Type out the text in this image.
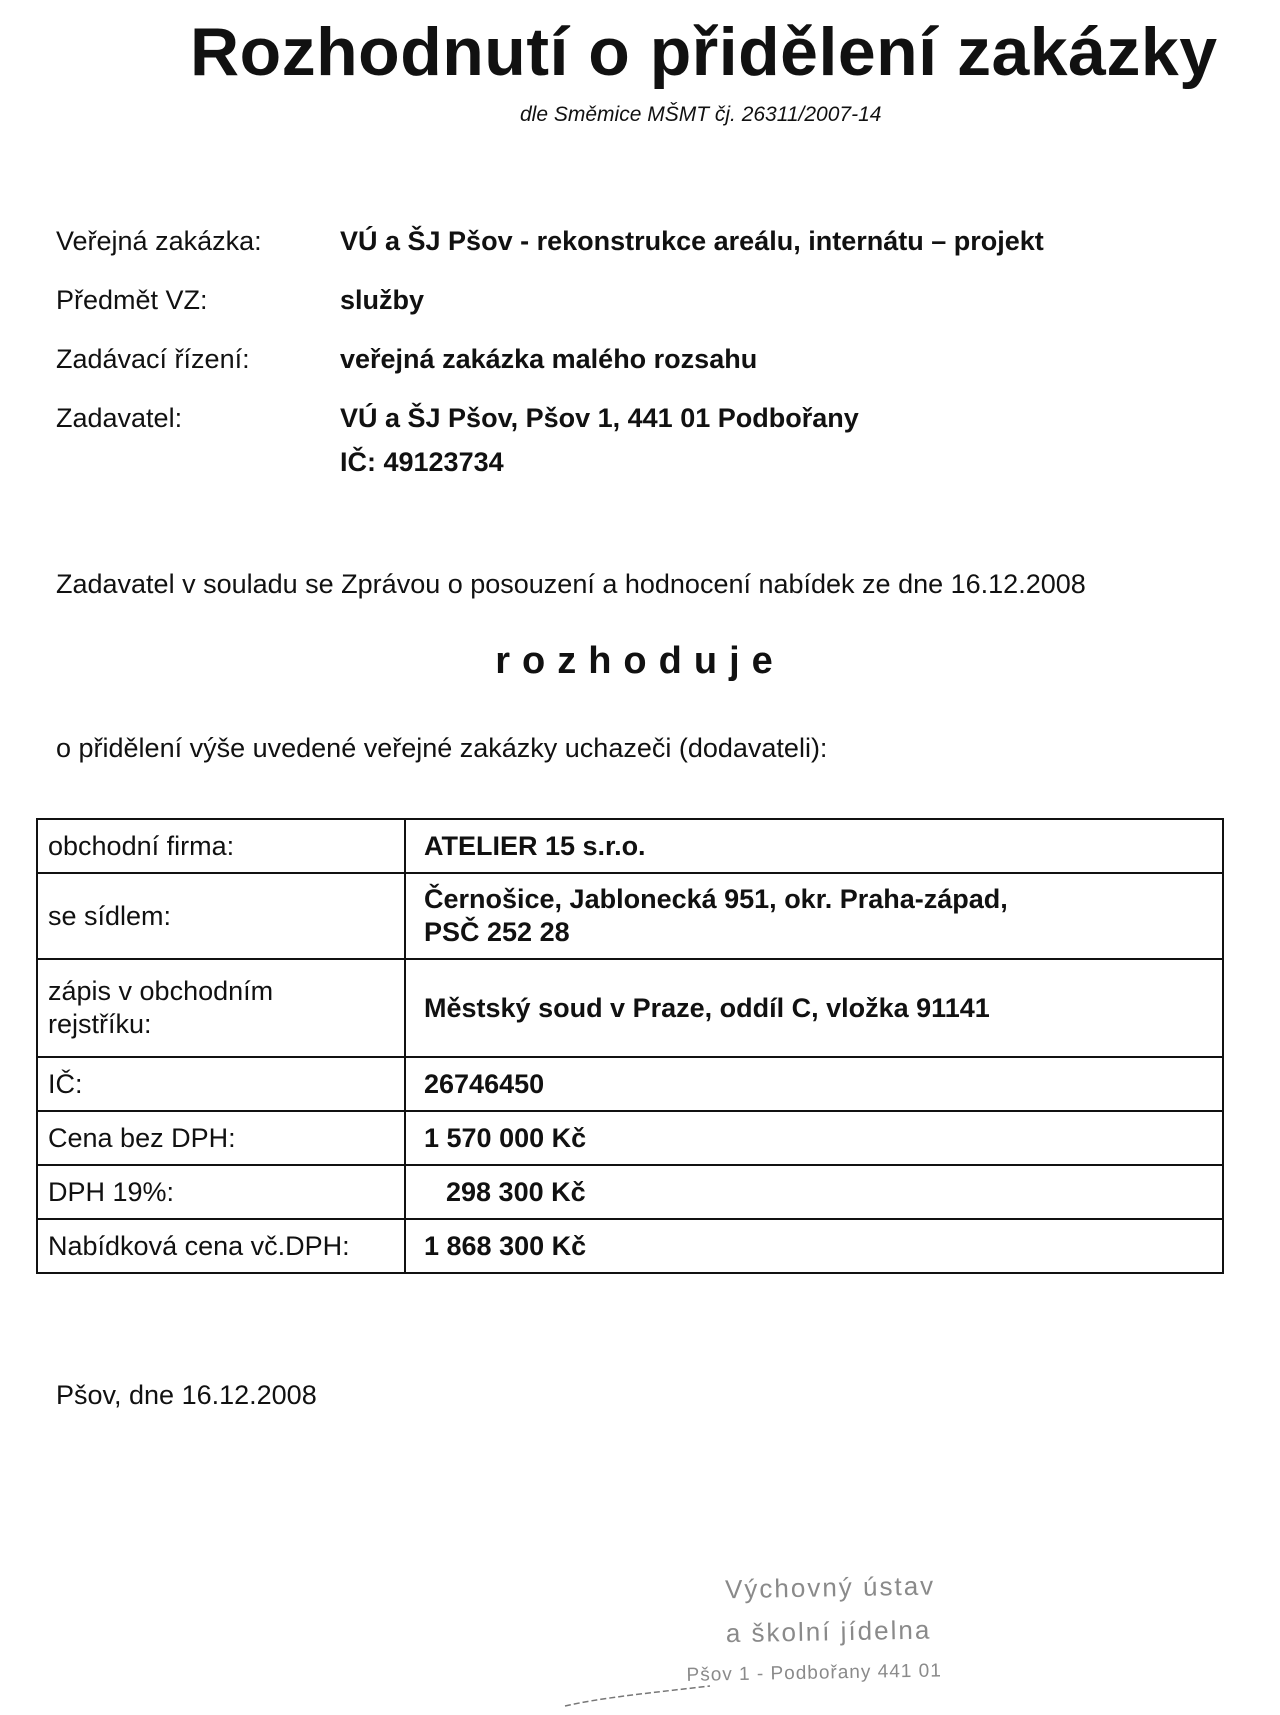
Rozhodnutí o přidělení zakázky
dle Směmice MŠMT čj. 26311/2007-14
Veřejná zakázka:	VÚ a ŠJ Pšov - rekonstrukce areálu, internátu – projekt
Předmět VZ:	služby
Zadávací řízení:	veřejná zakázka malého rozsahu
Zadavatel:	VÚ a ŠJ Pšov, Pšov 1, 441 01 Podbořany
IČ: 49123734
Zadavatel v souladu se Zprávou o posouzení a hodnocení nabídek ze dne 16.12.2008
rozhoduje
o přidělení výše uvedené veřejné zakázky uchazeči (dodavateli):
obchodní firma:	ATELIER 15 s.r.o.
se sídlem:	Černošice, Jablonecká 951, okr. Praha-západ,
PSČ 252 28

zápis v obchodním
rejstříku:	Městský soud v Praze, oddíl C, vložka 91141
IČ:	26746450
Cena bez DPH:	1 570 000 Kč
DPH 19%:	298 300 Kč
Nabídková cena vč.DPH:	1 868 300 Kč
Pšov, dne 16.12.2008
Výchovný ústav
a školní jídelna
Pšov 1 - Podbořany 441 01
